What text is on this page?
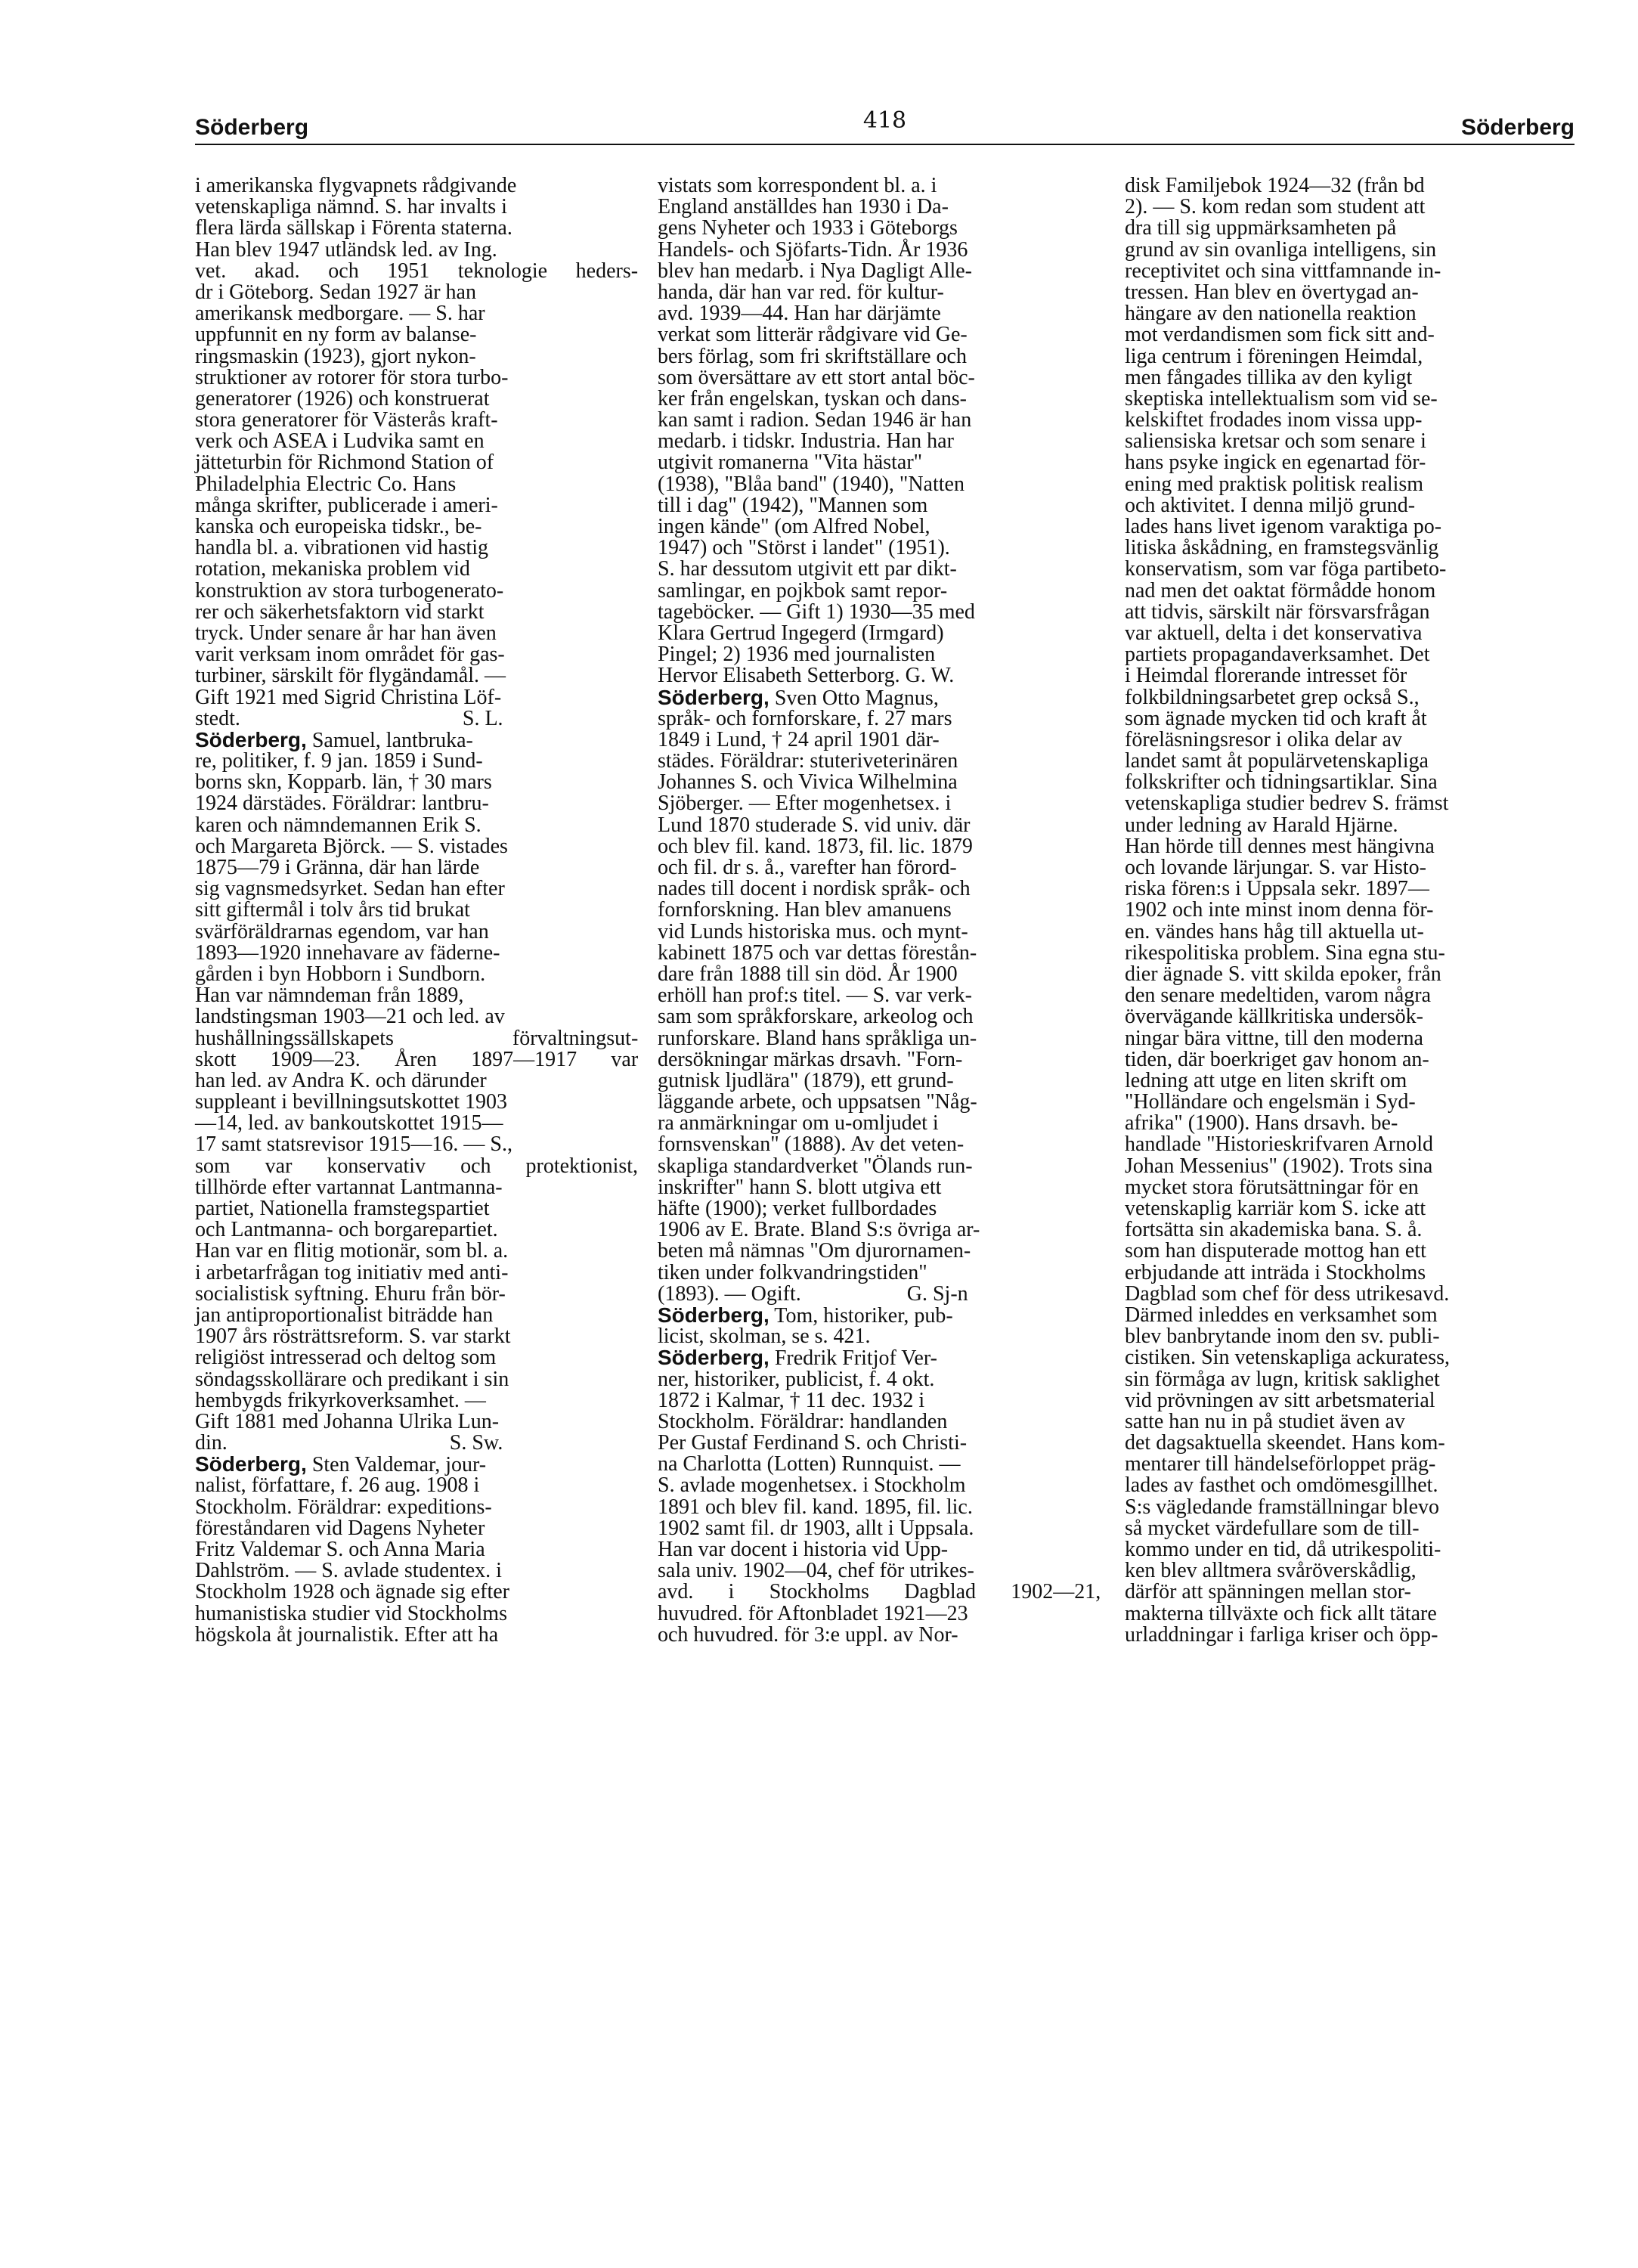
Söderberg	418	Söderberg
i amerikanska flygvapnets rådgivande
vetenskapliga nämnd. S. har invalts i
flera lärda sällskap i Förenta staterna.
Han blev 1947 utländsk led. av Ing.
vet. akad. och 1951 teknologie heders-
dr i Göteborg. Sedan 1927 är han
amerikansk medborgare. — S. har
uppfunnit en ny form av balanse-
ringsmaskin (1923), gjort nykon-
struktioner av rotorer för stora turbo-
generatorer (1926) och konstruerat
stora generatorer för Västerås kraft-
verk och ASEA i Ludvika samt en
jätteturbin för Richmond Station of
Philadelphia Electric Co. Hans
många skrifter, publicerade i ameri-
kanska och europeiska tidskr., be-
handla bl. a. vibrationen vid hastig
rotation, mekaniska problem vid
konstruktion av stora turbogenerato-
rer och säkerhetsfaktorn vid starkt
tryck. Under senare år har han även
varit verksam inom området för gas-
turbiner, särskilt för flygändamål. —
Gift 1921 med Sigrid Christina Löf-
stedt.                                          S. L.
Söderberg, Samuel, lantbruka-
re, politiker, f. 9 jan. 1859 i Sund-
borns skn, Kopparb. län, † 30 mars
1924 därstädes. Föräldrar: lantbru-
karen och nämndemannen Erik S.
och Margareta Björck. — S. vistades
1875—79 i Gränna, där han lärde
sig vagnsmedsyrket. Sedan han efter
sitt giftermål i tolv års tid brukat
svärföräldrarnas egendom, var han
1893—1920 innehavare av fäderne-
gården i byn Hobborn i Sundborn.
Han var nämndeman från 1889,
landstingsman 1903—21 och led. av
hushållningssällskapets förvaltningsut-
skott 1909—23. Åren 1897—1917 var
han led. av Andra K. och därunder
suppleant i bevillningsutskottet 1903
—14, led. av bankoutskottet 1915—
17 samt statsrevisor 1915—16. — S.,
som var konservativ och protektionist,
tillhörde efter vartannat Lantmanna-
partiet, Nationella framstegspartiet
och Lantmanna- och borgarepartiet.
Han var en flitig motionär, som bl. a.
i arbetarfrågan tog initiativ med anti-
socialistisk syftning. Ehuru från bör-
jan antiproportionalist biträdde han
1907 års rösträttsreform. S. var starkt
religiöst intresserad och deltog som
söndagsskollärare och predikant i sin
hembygds frikyrkoverksamhet. —
Gift 1881 med Johanna Ulrika Lun-
din.                                          S. Sw.
Söderberg, Sten Valdemar, jour-
nalist, författare, f. 26 aug. 1908 i
Stockholm. Föräldrar: expeditions-
föreståndaren vid Dagens Nyheter
Fritz Valdemar S. och Anna Maria
Dahlström. — S. avlade studentex. i
Stockholm 1928 och ägnade sig efter
humanistiska studier vid Stockholms
högskola åt journalistik. Efter att ha
vistats som korrespondent bl. a. i
England anställdes han 1930 i Da-
gens Nyheter och 1933 i Göteborgs
Handels- och Sjöfarts-Tidn. År 1936
blev han medarb. i Nya Dagligt Alle-
handa, där han var red. för kultur-
avd. 1939—44. Han har därjämte
verkat som litterär rådgivare vid Ge-
bers förlag, som fri skriftställare och
som översättare av ett stort antal böc-
ker från engelskan, tyskan och dans-
kan samt i radion. Sedan 1946 är han
medarb. i tidskr. Industria. Han har
utgivit romanerna "Vita hästar"
(1938), "Blåa band" (1940), "Natten
till i dag" (1942), "Mannen som
ingen kände" (om Alfred Nobel,
1947) och "Störst i landet" (1951).
S. har dessutom utgivit ett par dikt-
samlingar, en pojkbok samt repor-
tageböcker. — Gift 1) 1930—35 med
Klara Gertrud Ingegerd (Irmgard)
Pingel; 2) 1936 med journalisten
Hervor Elisabeth Setterborg. G. W.
Söderberg, Sven Otto Magnus,
språk- och fornforskare, f. 27 mars
1849 i Lund, † 24 april 1901 där-
städes. Föräldrar: stuteriveterinären
Johannes S. och Vivica Wilhelmina
Sjöberger. — Efter mogenhetsex. i
Lund 1870 studerade S. vid univ. där
och blev fil. kand. 1873, fil. lic. 1879
och fil. dr s. å., varefter han förord-
nades till docent i nordisk språk- och
fornforskning. Han blev amanuens
vid Lunds historiska mus. och mynt-
kabinett 1875 och var dettas förestån-
dare från 1888 till sin död. År 1900
erhöll han prof:s titel. — S. var verk-
sam som språkforskare, arkeolog och
runforskare. Bland hans språkliga un-
dersökningar märkas drsavh. "Forn-
gutnisk ljudlära" (1879), ett grund-
läggande arbete, och uppsatsen "Någ-
ra anmärkningar om u-omljudet i
fornsvenskan" (1888). Av det veten-
skapliga standardverket "Ölands run-
inskrifter" hann S. blott utgiva ett
häfte (1900); verket fullbordades
1906 av E. Brate. Bland S:s övriga ar-
beten må nämnas "Om djurornamen-
tiken under folkvandringstiden"
(1893). — Ogift.                    G. Sj-n
Söderberg, Tom, historiker, pub-
licist, skolman, se s. 421.
Söderberg, Fredrik Fritjof Ver-
ner, historiker, publicist, f. 4 okt.
1872 i Kalmar, † 11 dec. 1932 i
Stockholm. Föräldrar: handlanden
Per Gustaf Ferdinand S. och Christi-
na Charlotta (Lotten) Runnquist. —
S. avlade mogenhetsex. i Stockholm
1891 och blev fil. kand. 1895, fil. lic.
1902 samt fil. dr 1903, allt i Uppsala.
Han var docent i historia vid Upp-
sala univ. 1902—04, chef för utrikes-
avd. i Stockholms Dagblad 1902—21,
huvudred. för Aftonbladet 1921—23
och huvudred. för 3:e uppl. av Nor-
disk Familjebok 1924—32 (från bd
2). — S. kom redan som student att
dra till sig uppmärksamheten på
grund av sin ovanliga intelligens, sin
receptivitet och sina vittfamnande in-
tressen. Han blev en övertygad an-
hängare av den nationella reaktion
mot verdandismen som fick sitt and-
liga centrum i föreningen Heimdal,
men fångades tillika av den kyligt
skeptiska intellektualism som vid se-
kelskiftet frodades inom vissa upp-
saliensiska kretsar och som senare i
hans psyke ingick en egenartad för-
ening med praktisk politisk realism
och aktivitet. I denna miljö grund-
lades hans livet igenom varaktiga po-
litiska åskådning, en framstegsvänlig
konservatism, som var föga partibeto-
nad men det oaktat förmådde honom
att tidvis, särskilt när försvarsfrågan
var aktuell, delta i det konservativa
partiets propagandaverksamhet. Det
i Heimdal florerande intresset för
folkbildningsarbetet grep också S.,
som ägnade mycken tid och kraft åt
föreläsningsresor i olika delar av
landet samt åt populärvetenskapliga
folkskrifter och tidningsartiklar. Sina
vetenskapliga studier bedrev S. främst
under ledning av Harald Hjärne.
Han hörde till dennes mest hängivna
och lovande lärjungar. S. var Histo-
riska fören:s i Uppsala sekr. 1897—
1902 och inte minst inom denna för-
en. vändes hans håg till aktuella ut-
rikespolitiska problem. Sina egna stu-
dier ägnade S. vitt skilda epoker, från
den senare medeltiden, varom några
övervägande källkritiska undersök-
ningar bära vittne, till den moderna
tiden, där boerkriget gav honom an-
ledning att utge en liten skrift om
"Holländare och engelsmän i Syd-
afrika" (1900). Hans drsavh. be-
handlade "Historieskrifvaren Arnold
Johan Messenius" (1902). Trots sina
mycket stora förutsättningar för en
vetenskaplig karriär kom S. icke att
fortsätta sin akademiska bana. S. å.
som han disputerade mottog han ett
erbjudande att inträda i Stockholms
Dagblad som chef för dess utrikesavd.
Därmed inleddes en verksamhet som
blev banbrytande inom den sv. publi-
cistiken. Sin vetenskapliga ackuratess,
sin förmåga av lugn, kritisk saklighet
vid prövningen av sitt arbetsmaterial
satte han nu in på studiet även av
det dagsaktuella skeendet. Hans kom-
mentarer till händelseförloppet präg-
lades av fasthet och omdömesgillhet.
S:s vägledande framställningar blevo
så mycket värdefullare som de till-
kommo under en tid, då utrikespoliti-
ken blev alltmera svåröverskådlig,
därför att spänningen mellan stor-
makterna tillväxte och fick allt tätare
urladdningar i farliga kriser och öpp-
